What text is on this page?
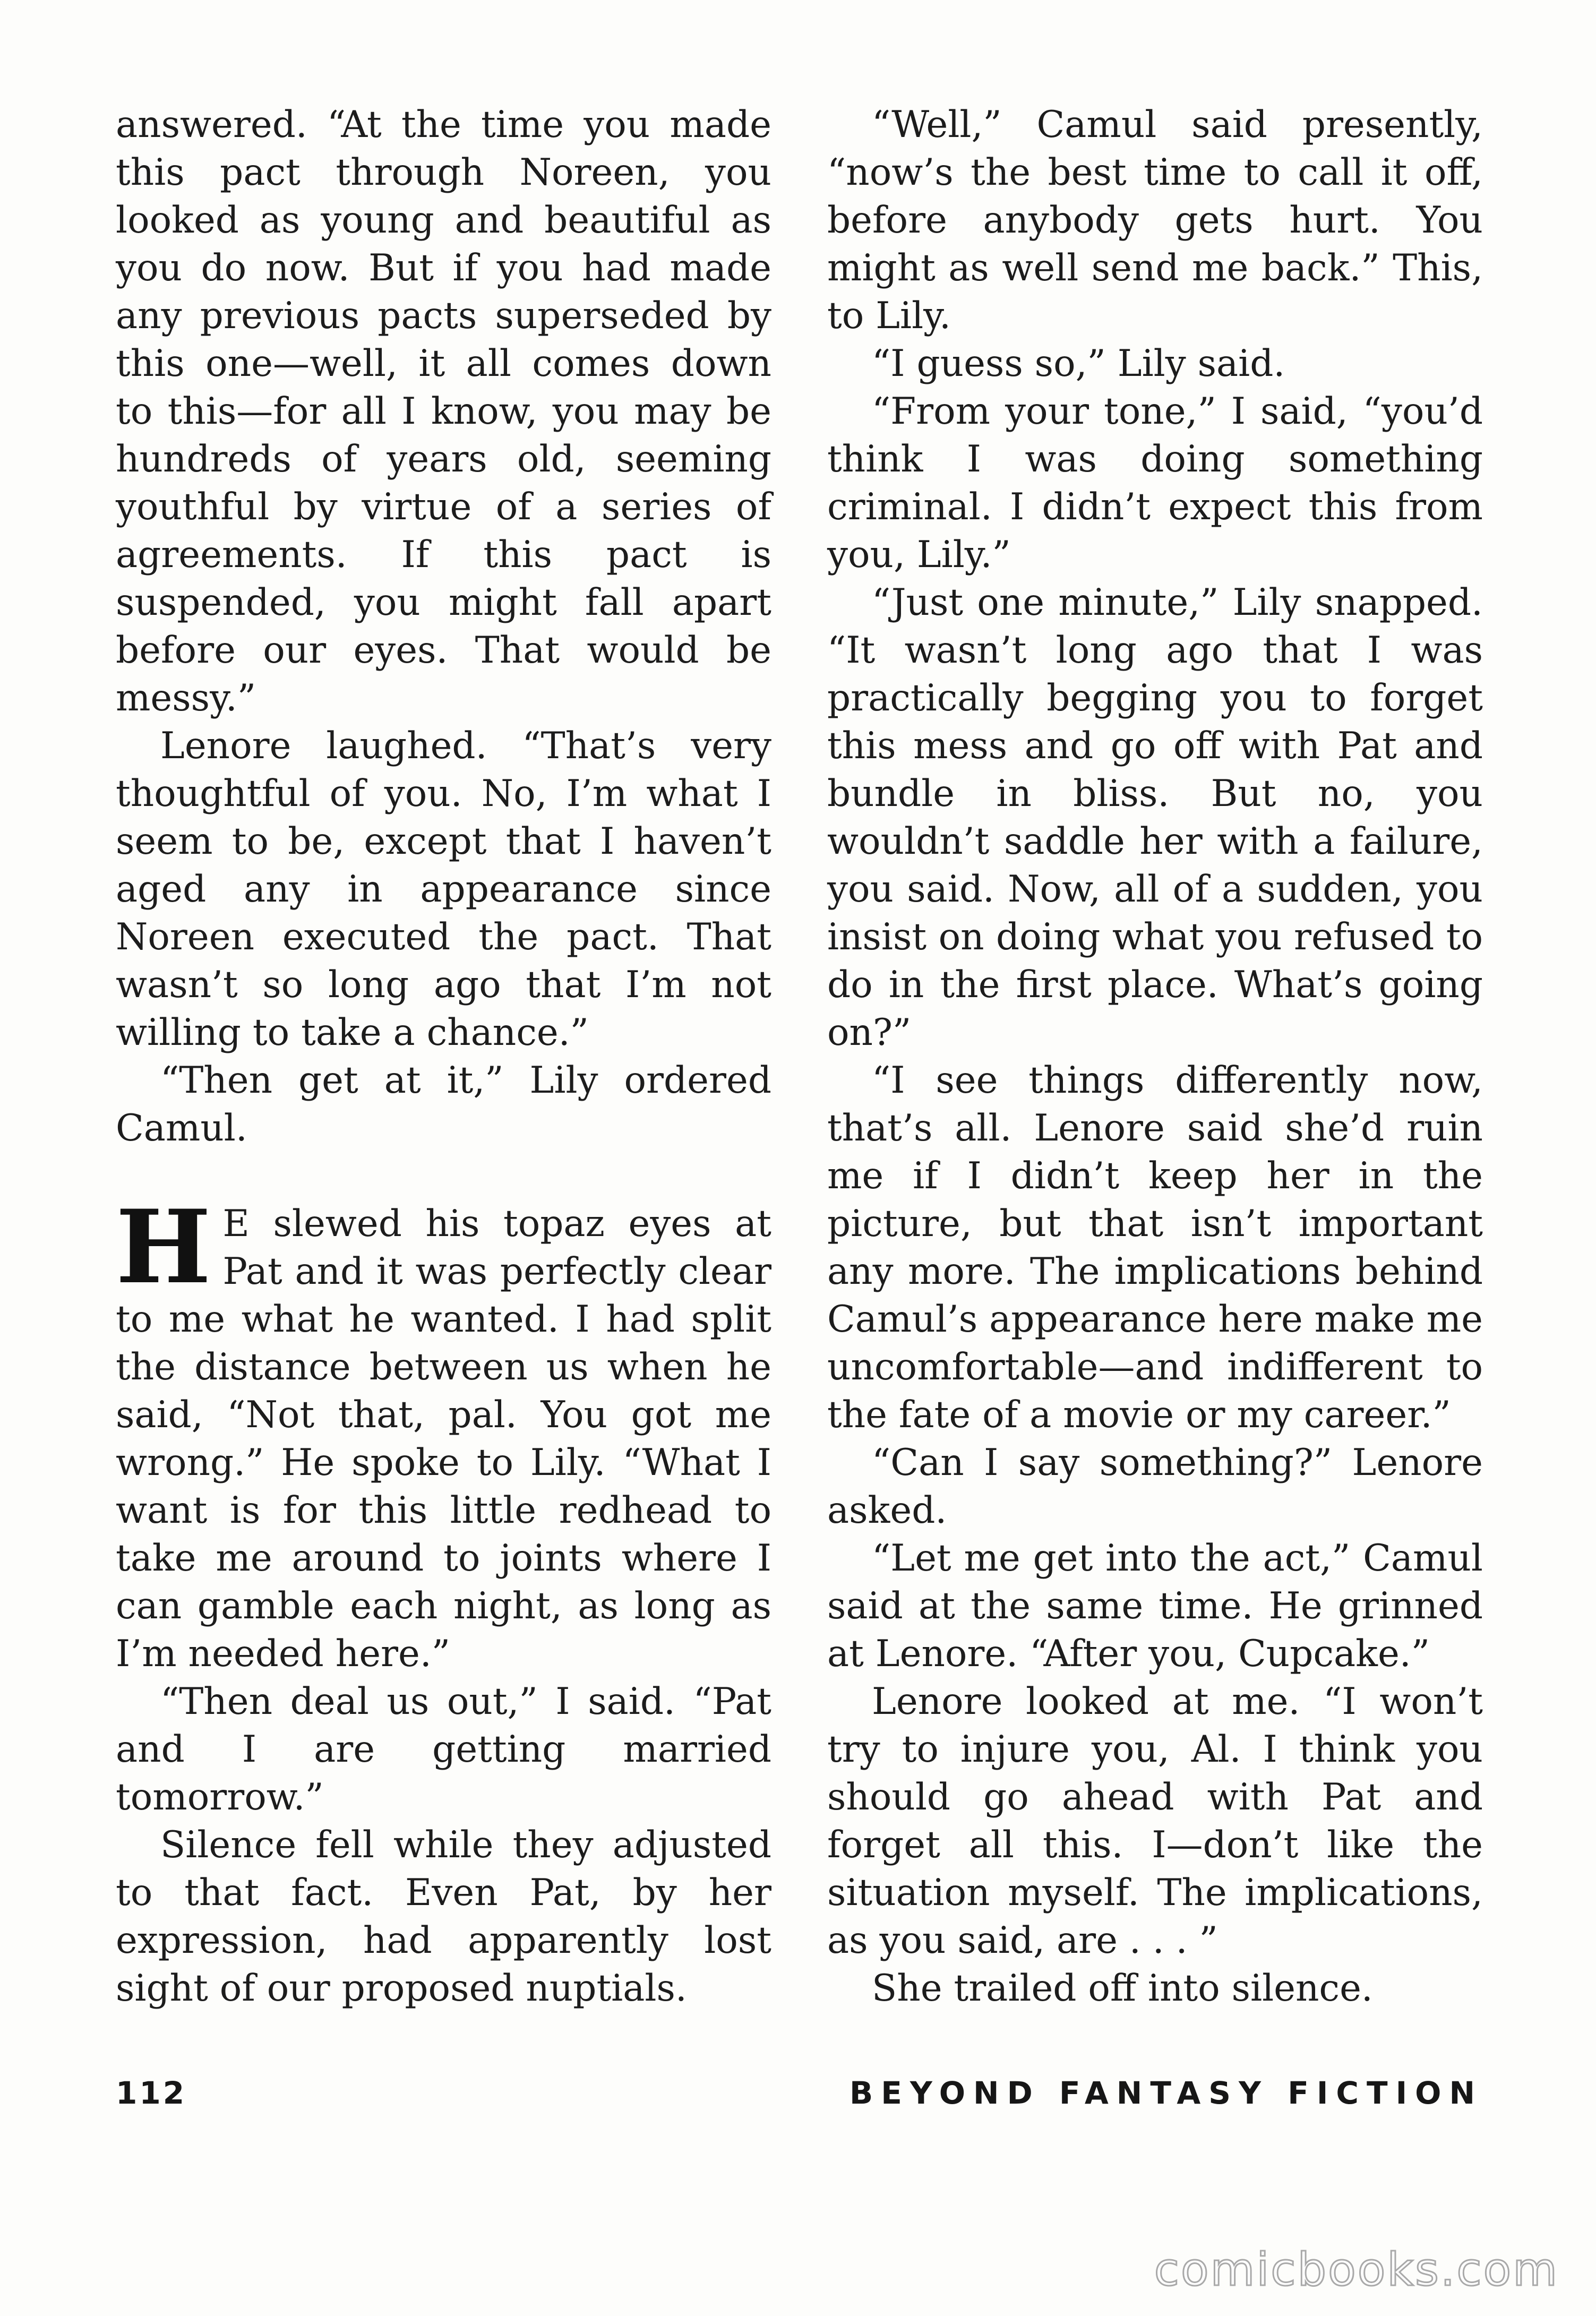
answered. “At the time you made this pact through Noreen, you looked as young and beautiful as you do now. But if you had made any previous pacts superseded by this one—well, it all comes down to this—for all I know, you may be hundreds of years old, seeming youthful by virtue of a series of agreements. If this pact is suspended, you might fall apart before our eyes. That would be messy.”

Lenore laughed. “That’s very thoughtful of you. No, I’m what I seem to be, except that I haven’t aged any in appearance since Noreen executed the pact. That wasn’t so long ago that I’m not willing to take a chance.”

“Then get at it,” Lily ordered Camul.

H E slewed his topaz eyes at Pat and it was perfectly clear to me what he wanted. I had split the distance between us when he said, “Not that, pal. You got me wrong.” He spoke to Lily. “What I want is for this little redhead to take me around to joints where I can gamble each night, as long as I’m needed here.”

“Then deal us out,” I said. “Pat and I are getting married tomorrow.”

Silence fell while they adjusted to that fact. Even Pat, by her expression, had apparently lost sight of our proposed nuptials.

“Well,” Camul said presently, “now’s the best time to call it off, before anybody gets hurt. You might as well send me back.” This, to Lily.

“I guess so,” Lily said.

“From your tone,” I said, “you’d think I was doing something criminal. I didn’t expect this from you, Lily.”

“Just one minute,” Lily snapped. “It wasn’t long ago that I was practically begging you to forget this mess and go off with Pat and bundle in bliss. But no, you wouldn’t saddle her with a failure, you said. Now, all of a sudden, you insist on doing what you refused to do in the first place. What’s going on?”

“I see things differently now, that’s all. Lenore said she’d ruin me if I didn’t keep her in the picture, but that isn’t important any more. The implications behind Camul’s appearance here make me uncomfortable—and indifferent to the fate of a movie or my career.”

“Can I say something?” Lenore asked.

“Let me get into the act,” Camul said at the same time. He grinned at Lenore. “After you, Cupcake.”

Lenore looked at me. “I won’t try to injure you, Al. I think you should go ahead with Pat and forget all this. I—don’t like the situation myself. The implications, as you said, are . . . ”

She trailed off into silence.

112	BEYOND FANTASY FICTION
comicbooks.com
